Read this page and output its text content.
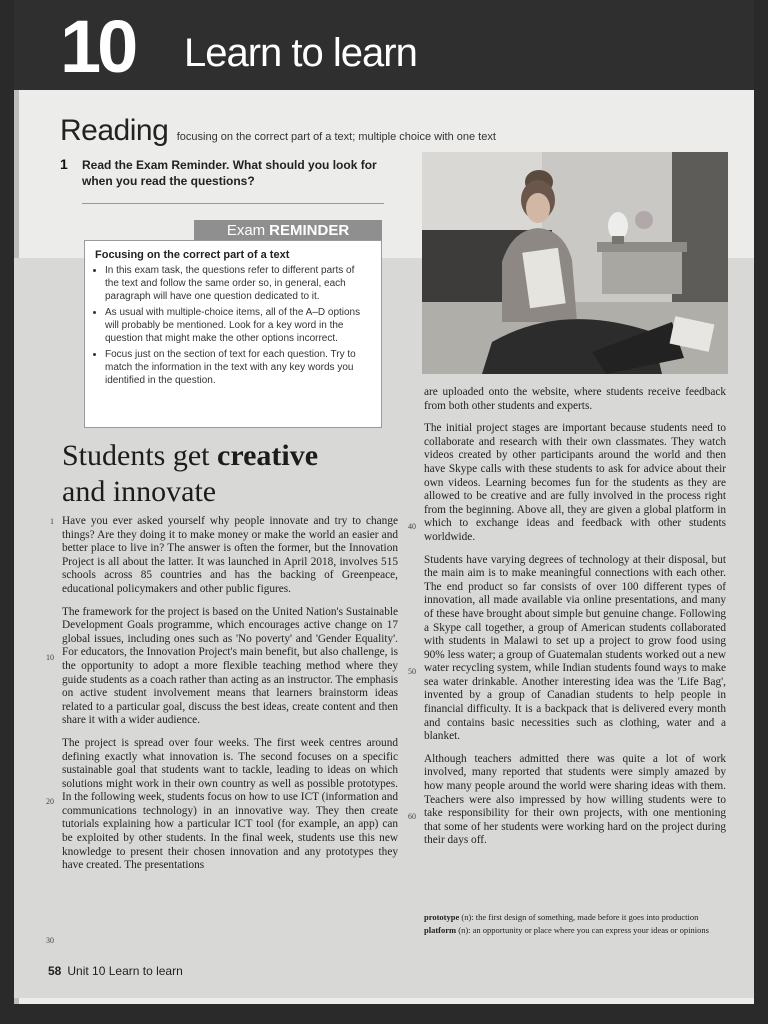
10 Learn to learn
Reading focusing on the correct part of a text; multiple choice with one text
1 Read the Exam Reminder. What should you look for when you read the questions?
Exam REMINDER
Focusing on the correct part of a text
• In this exam task, the questions refer to different parts of the text and follow the same order so, in general, each paragraph will have one question dedicated to it.
• As usual with multiple-choice items, all of the A–D options will probably be mentioned. Look for a key word in the question that might make the other options incorrect.
• Focus just on the section of text for each question. Try to match the information in the text with any key words you identified in the question.
Students get creative
and innovate

Have you ever asked yourself why people innovate and try to change things? Are they doing it to make money or make the world an easier and better place to live in? The answer is often the former, but the Innovation Project is all about the latter. It was launched in April 2018, involves 515 schools across 85 countries and has the backing of Greenpeace, educational policymakers and other public figures.

The framework for the project is based on the United Nation's Sustainable Development Goals programme, which encourages active change on 17 global issues, including ones such as 'No poverty' and 'Gender Equality'. For educators, the Innovation Project's main benefit, but also challenge, is the opportunity to adopt a more flexible teaching method where they guide students as a coach rather than acting as an instructor. The emphasis on active student involvement means that learners brainstorm ideas related to a particular goal, discuss the best ideas, create content and then share it with a wider audience.

The project is spread over four weeks. The first week centres around defining exactly what innovation is. The second focuses on a specific sustainable goal that students want to tackle, leading to ideas on which solutions might work in their own country as well as possible prototypes. In the following week, students focus on how to use ICT (information and communications technology) in an innovative way. They then create tutorials explaining how a particular ICT tool (for example, an app) can be exploited by other students. In the final week, students use this new knowledge to present their chosen innovation and any prototypes they have created. The presentations

are uploaded onto the website, where students receive feedback from both other students and experts.

The initial project stages are important because students need to collaborate and research with their own classmates. They watch videos created by other participants around the world and then have Skype calls with these students to ask for advice about their own videos. Learning becomes fun for the students as they are allowed to be creative and are fully involved in the process right from the beginning. Above all, they are given a global platform in which to exchange ideas and feedback with other students worldwide.

Students have varying degrees of technology at their disposal, but the main aim is to make meaningful connections with each other. The end product so far consists of over 100 different types of innovation, all made available via online presentations, and many of these have brought about simple but genuine change. Following a Skype call together, a group of American students collaborated with students in Malawi to set up a project to grow food using 90% less water; a group of Guatemalan students worked out a new water recycling system, while Indian students found ways to make sea water drinkable. Another interesting idea was the 'Life Bag', invented by a group of Canadian students to help people in financial difficulty. It is a backpack that is delivered every month and contains basic necessities such as clothing, water and a blanket.

Although teachers admitted there was quite a lot of work involved, many reported that students were simply amazed by how many people around the world were sharing ideas with them. Teachers were also impressed by how willing students were to take responsibility for their own projects, with one mentioning that some of her students were working hard on the project during their days off.

1
10
20
30
40
50
60

prototype (n): the first design of something, made before it goes into production

platform (n): an opportunity or place where you can express your ideas or opinions

58 Unit 10 Learn to learn
